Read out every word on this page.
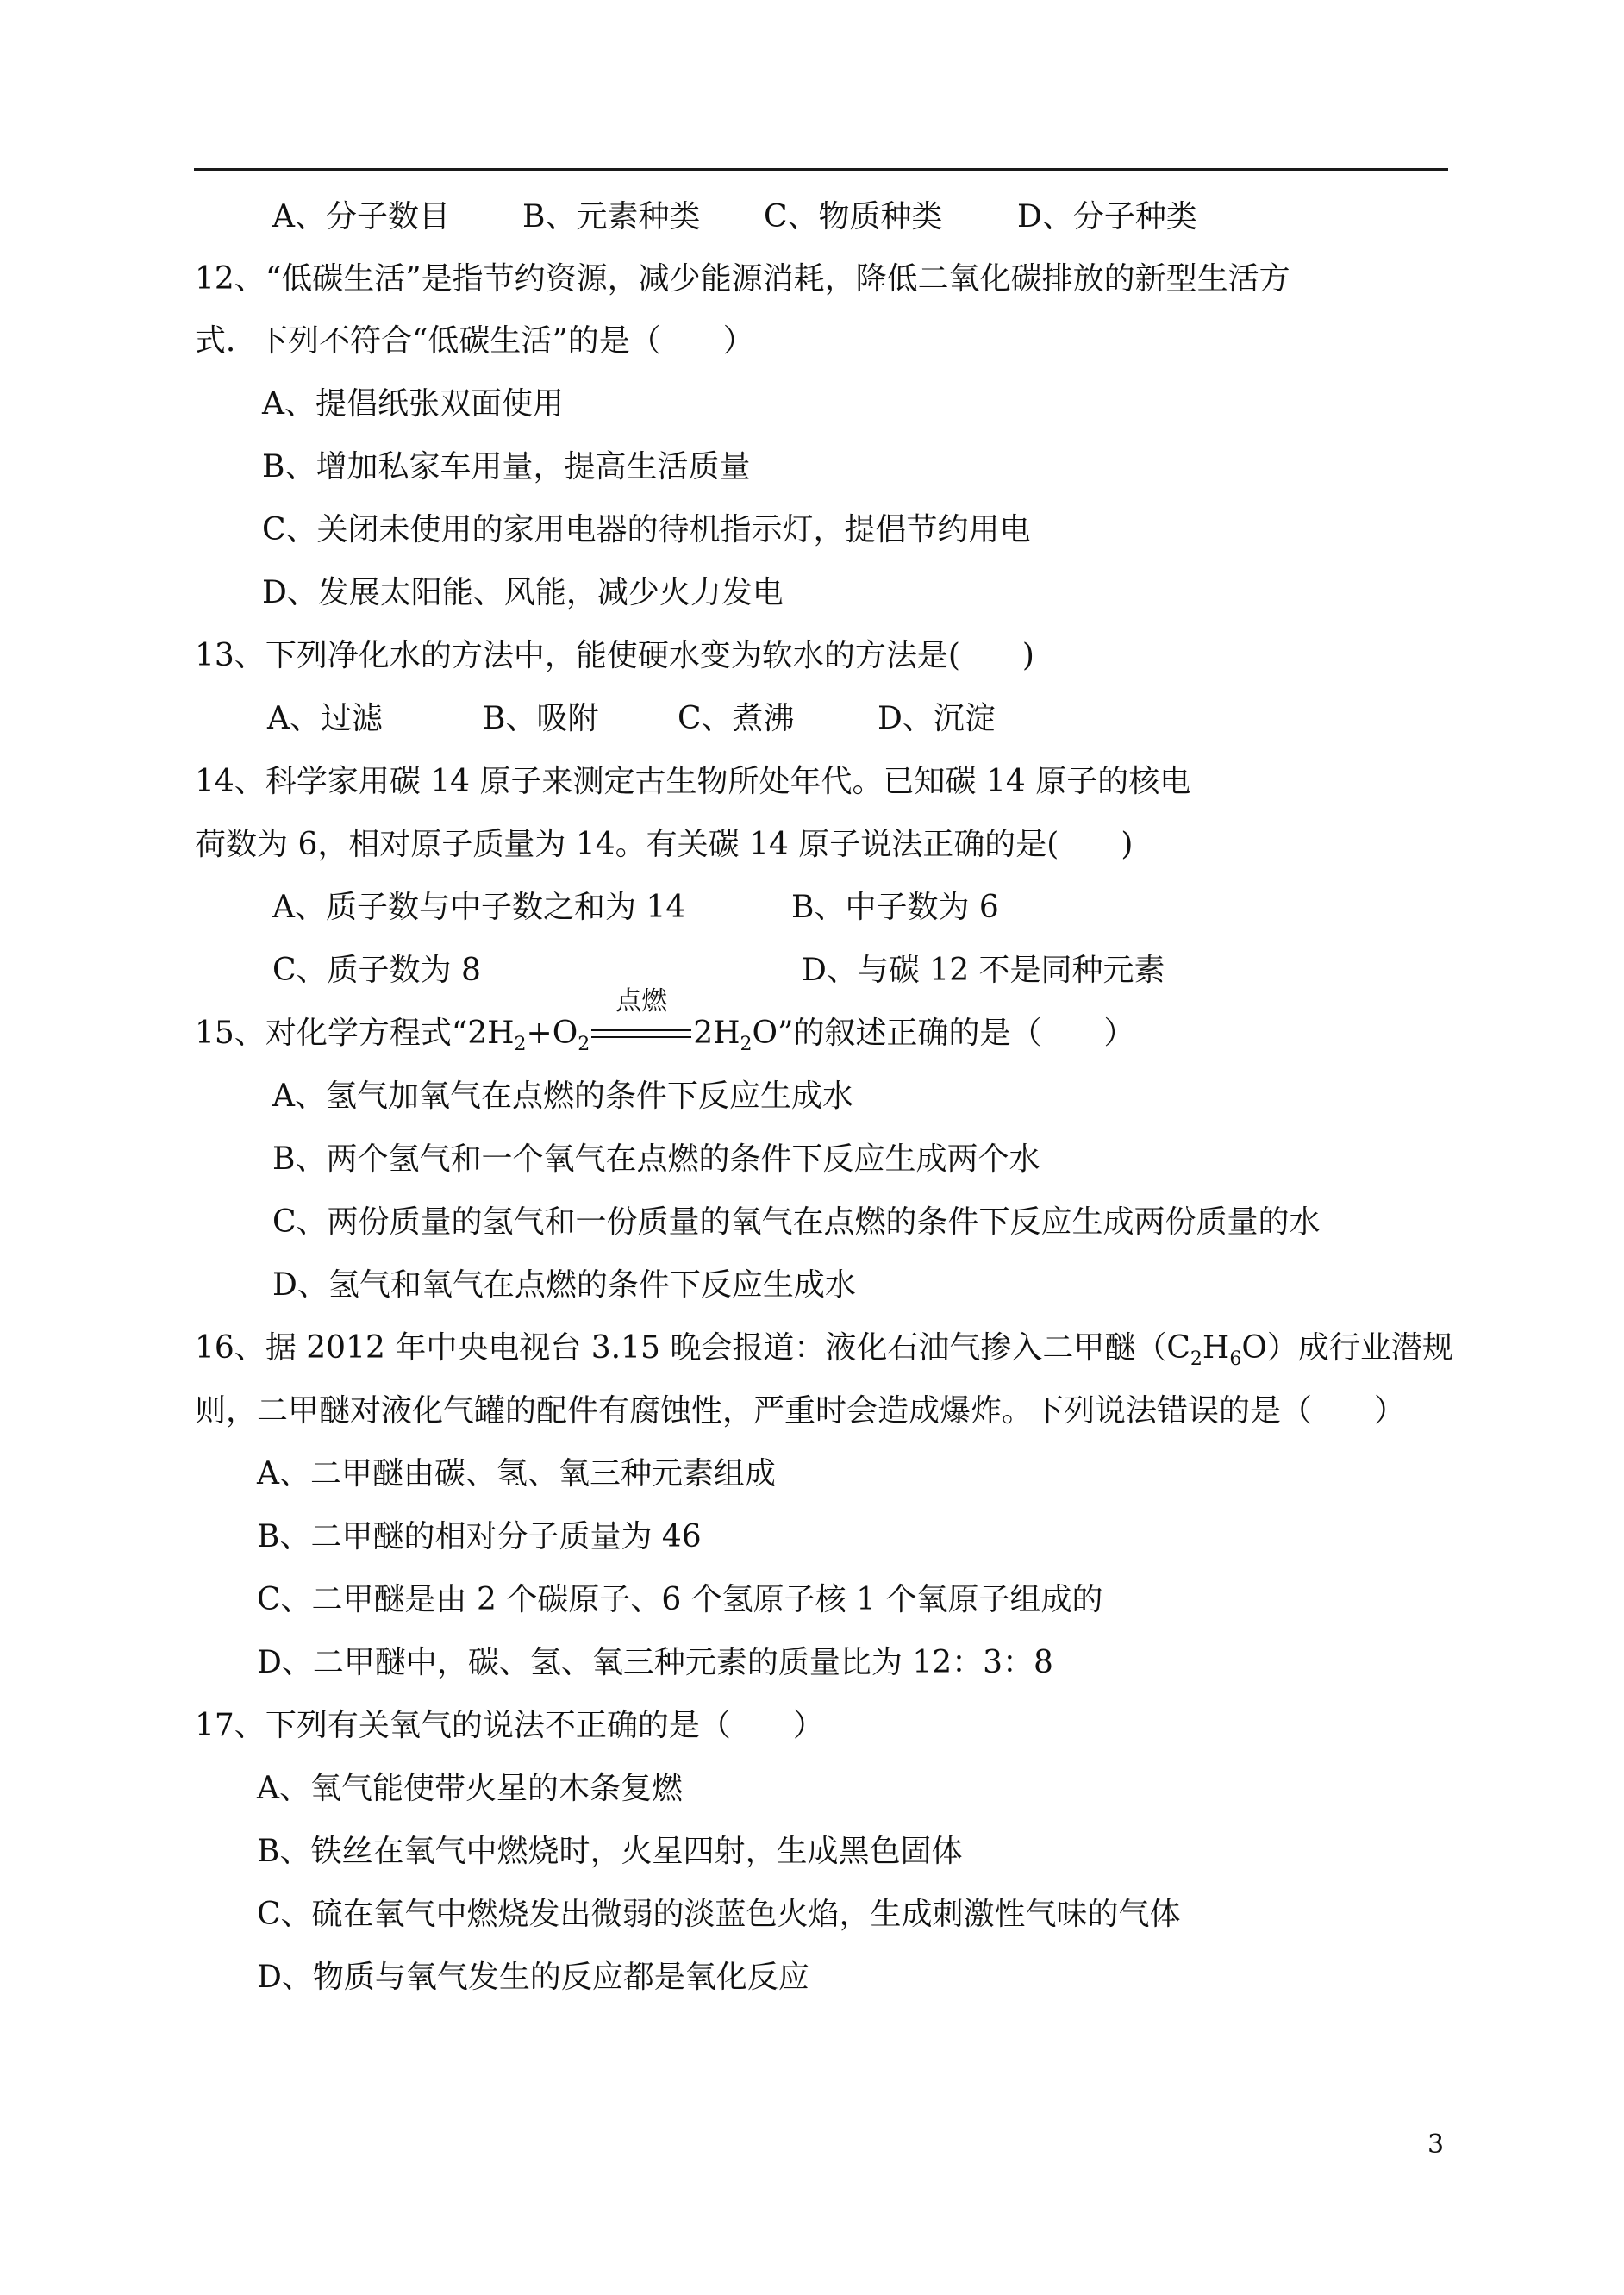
A、分子数目 B、元素种类 C、物质种类 D、分子种类
12、“低碳生活”是指节约资源，减少能源消耗，降低二氧化碳排放的新型生活方
式．下列不符合“低碳生活”的是（　　）
A、提倡纸张双面使用
B、增加私家车用量，提高生活质量
C、关闭未使用的家用电器的待机指示灯，提倡节约用电
D、发展太阳能、风能，减少火力发电
13、下列净化水的方法中，能使硬水变为软水的方法是(　　)
A、过滤	B、吸附	C、煮沸	D、沉淀
14、科学家用碳 14 原子来测定古生物所处年代。已知碳 14 原子的核电
荷数为 6，相对原子质量为 14。有关碳 14 原子说法正确的是(　　)
A、质子数与中子数之和为 14	B、中子数为 6
C、质子数为 8	D、与碳 12 不是同种元素
15、对化学方程式“$2H_2+O_2$
点燃
$2H_2O$”的叙述正确的是（　　）
A、氢气加氧气在点燃的条件下反应生成水
B、两个氢气和一个氧气在点燃的条件下反应生成两个水
C、两份质量的氢气和一份质量的氧气在点燃的条件下反应生成两份质量的水
D、氢气和氧气在点燃的条件下反应生成水
16、据 2012 年中央电视台 3.15 晚会报道：液化石油气掺入二甲醚$(C_2H_6O)$成行业潜规
则，二甲醚对液化气罐的配件有腐蚀性，严重时会造成爆炸。下列说法错误的是（　　）
A、二甲醚由碳、氢、氧三种元素组成
B、二甲醚的相对分子质量为 46
C、二甲醚是由 2 个碳原子、6 个氢原子核 1 个氧原子组成的
D、二甲醚中，碳、氢、氧三种元素的质量比为 12：3：8
17、下列有关氧气的说法不正确的是（　　）
A、氧气能使带火星的木条复燃
B、铁丝在氧气中燃烧时，火星四射，生成黑色固体
C、硫在氧气中燃烧发出微弱的淡蓝色火焰，生成刺激性气味的气体
D、物质与氧气发生的反应都是氧化反应
3
